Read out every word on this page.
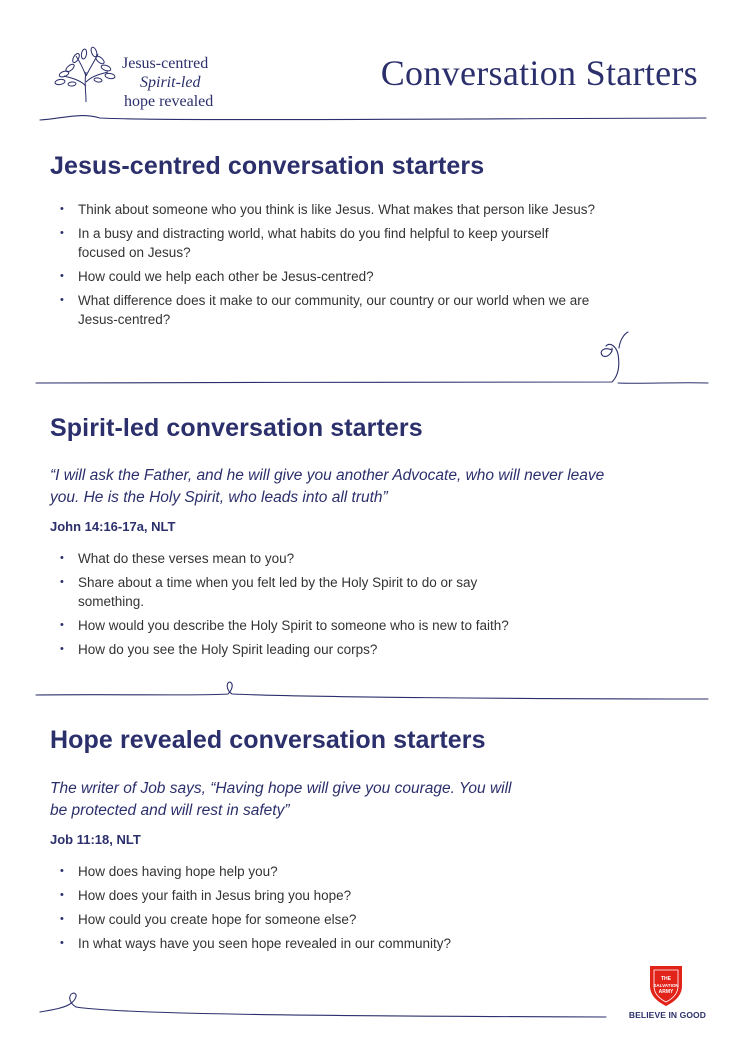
Jesus-centred
Spirit-led
hope revealed
Conversation Starters
Jesus-centred conversation starters
• Think about someone who you think is like Jesus. What makes that person like Jesus?
• In a busy and distracting world, what habits do you find helpful to keep yourself focused on Jesus?
• How could we help each other be Jesus-centred?
• What difference does it make to our community, our country or our world when we are Jesus-centred?
Spirit-led conversation starters

“I will ask the Father, and he will give you another Advocate, who will never leave you. He is the Holy Spirit, who leads into all truth”

John 14:16-17a, NLT

• What do these verses mean to you?
• Share about a time when you felt led by the Holy Spirit to do or say something.
• How would you describe the Holy Spirit to someone who is new to faith?
• How do you see the Holy Spirit leading our corps?
Hope revealed conversation starters

The writer of Job says, “Having hope will give you courage. You will be protected and will rest in safety”

Job 11:18, NLT

• How does having hope help you?
• How does your faith in Jesus bring you hope?
• How could you create hope for someone else?
• In what ways have you seen hope revealed in our community?
THE
SALVATION
ARMY
BELIEVE IN GOOD
